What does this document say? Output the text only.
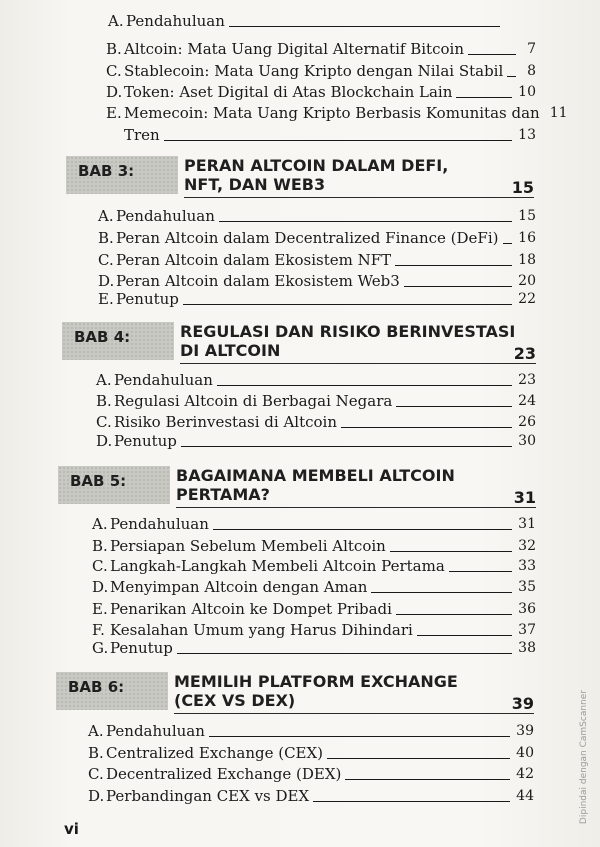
A. Pendahuluan
B. Altcoin: Mata Uang Digital Alternatif Bitcoin	7
C. Stablecoin: Mata Uang Kripto dengan Nilai Stabil	8
D. Token: Aset Digital di Atas Blockchain Lain	10
E. Memecoin: Mata Uang Kripto Berbasis Komunitas dan 11
Tren	13
BAB 3:	PERAN ALTCOIN DALAM DEFI, NFT, DAN WEB3	15
A. Pendahuluan	15
B. Peran Altcoin dalam Decentralized Finance (DeFi) 16
C. Peran Altcoin dalam Ekosistem NFT	18
D. Peran Altcoin dalam Ekosistem Web3	20
E. Penutup	22
BAB 4:	REGULASI DAN RISIKO BERINVESTASI DI ALTCOIN	23
A. Pendahuluan	23
B. Regulasi Altcoin di Berbagai Negara	24
C. Risiko Berinvestasi di Altcoin	26
D. Penutup	30
BAB 5:	BAGAIMANA MEMBELI ALTCOIN PERTAMA?	31
A. Pendahuluan	31
B. Persiapan Sebelum Membeli Altcoin	32
C. Langkah-Langkah Membeli Altcoin Pertama	33
D. Menyimpan Altcoin dengan Aman	35
E. Penarikan Altcoin ke Dompet Pribadi	36
F. Kesalahan Umum yang Harus Dihindari	37
G. Penutup	38
BAB 6:	MEMILIH PLATFORM EXCHANGE (CEX VS DEX)	39
A. Pendahuluan	39
B. Centralized Exchange (CEX)	40
C. Decentralized Exchange (DEX)	42
D. Perbandingan CEX vs DEX	44
vi
Dipindai dengan CamScanner
